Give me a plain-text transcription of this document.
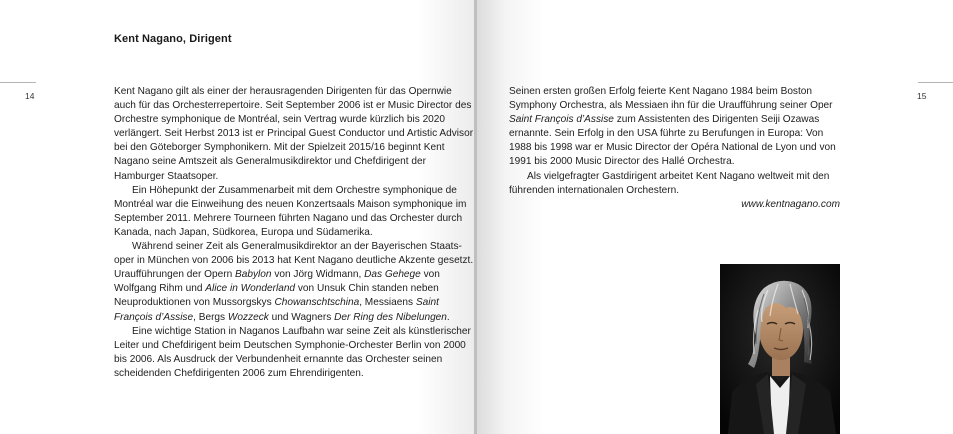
Kent Nagano, Dirigent
14	15

Kent Nagano gilt als einer der herausragenden Dirigenten für das Opernwie auch für das Orchesterrepertoire. Seit September 2006 ist er Music Director des Orchestre symphonique de Montréal, sein Vertrag wurde kürzlich bis 2020 verlängert. Seit Herbst 2013 ist er Principal Guest Conductor und Artistic Advisor bei den Göteborger Symphonikern. Mit der Spielzeit 2015/16 beginnt Kent Nagano seine Amtszeit als Generalmusikdirektor und Chefdirigent der Hamburger Staatsoper.

Ein Höhepunkt der Zusammenarbeit mit dem Orchestre symphonique de Montréal war die Einweihung des neuen Konzertsaals Maison symphonique im September 2011. Mehrere Tourneen führten Nagano und das Orchester durch Kanada, nach Japan, Südkorea, Europa und Südamerika.

Während seiner Zeit als Generalmusikdirektor an der Bayerischen Staatsoper in München von 2006 bis 2013 hat Kent Nagano deutliche Akzente gesetzt. Uraufführungen der Opern Babylon von Jörg Widmann, Das Gehege von Wolfgang Rihm und Alice in Wonderland von Unsuk Chin standen neben Neuproduktionen von Mussorgskys Chowanschtschina, Messiaens Saint François d’Assise, Bergs Wozzeck und Wagners Der Ring des Nibelungen.

Eine wichtige Station in Naganos Laufbahn war seine Zeit als künstlerischer Leiter und Chefdirigent beim Deutschen Symphonie-Orchester Berlin von 2000 bis 2006. Als Ausdruck der Verbundenheit ernannte das Orchester seinen scheidenden Chefdirigenten 2006 zum Ehrendirigenten.

Seinen ersten großen Erfolg feierte Kent Nagano 1984 beim Boston Symphony Orchestra, als Messiaen ihn für die Uraufführung seiner Oper Saint François d’Assise zum Assistenten des Dirigenten Seiji Ozawas ernannte. Sein Erfolg in den USA führte zu Berufungen in Europa: Von 1988 bis 1998 war er Music Director der Opéra National de Lyon und von 1991 bis 2000 Music Director des Hallé Orchestra.

Als vielgefragter Gastdirigent arbeitet Kent Nagano weltweit mit den führenden internationalen Orchestern.

www.kentnagano.com
